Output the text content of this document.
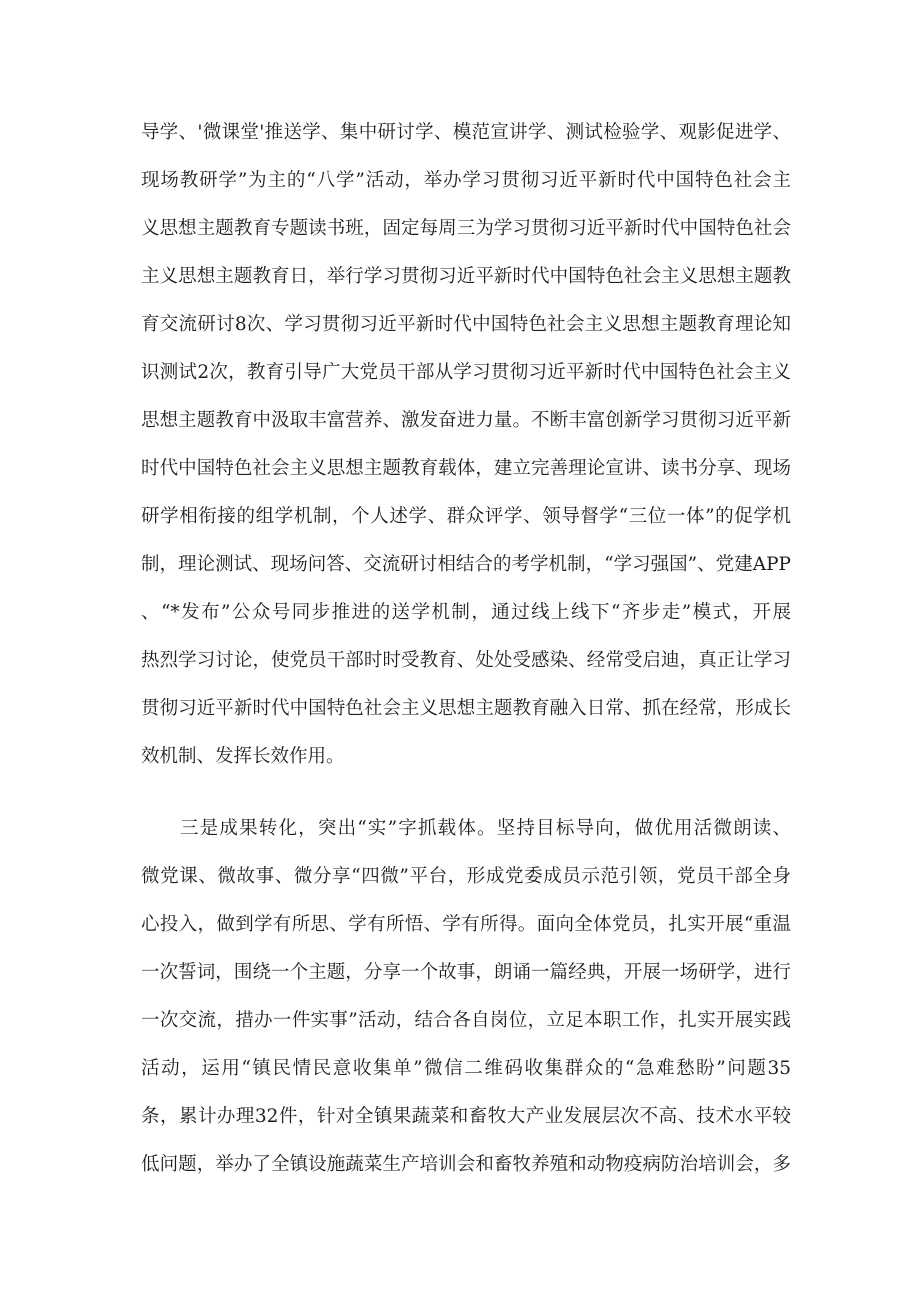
导学、'微课堂'推送学、集中研讨学、模范宣讲学、测试检验学、观影促进学、

现场教研学”为主的“八学”活动，举办学习贯彻习近平新时代中国特色社会主

义思想主题教育专题读书班，固定每周三为学习贯彻习近平新时代中国特色社会

主义思想主题教育日，举行学习贯彻习近平新时代中国特色社会主义思想主题教

育交流研讨8次、学习贯彻习近平新时代中国特色社会主义思想主题教育理论知

识测试2次，教育引导广大党员干部从学习贯彻习近平新时代中国特色社会主义

思想主题教育中汲取丰富营养、激发奋进力量。不断丰富创新学习贯彻习近平新

时代中国特色社会主义思想主题教育载体，建立完善理论宣讲、读书分享、现场

研学相衔接的组学机制，个人述学、群众评学、领导督学“三位一体”的促学机

制，理论测试、现场问答、交流研讨相结合的考学机制，“学习强国”、党建APP

、“*发布”公众号同步推进的送学机制，通过线上线下“齐步走”模式，开展

热烈学习讨论，使党员干部时时受教育、处处受感染、经常受启迪，真正让学习

贯彻习近平新时代中国特色社会主义思想主题教育融入日常、抓在经常，形成长

效机制、发挥长效作用。

三是成果转化，突出“实”字抓载体。坚持目标导向，做优用活微朗读、

微党课、微故事、微分享“四微”平台，形成党委成员示范引领，党员干部全身

心投入，做到学有所思、学有所悟、学有所得。面向全体党员，扎实开展“重温

一次誓词，围绕一个主题，分享一个故事，朗诵一篇经典，开展一场研学，进行

一次交流，措办一件实事”活动，结合各自岗位，立足本职工作，扎实开展实践

活动，运用“镇民情民意收集单”微信二维码收集群众的“急难愁盼”问题35

条，累计办理32件，针对全镇果蔬菜和畜牧大产业发展层次不高、技术水平较

低问题，举办了全镇设施蔬菜生产培训会和畜牧养殖和动物疫病防治培训会，多
